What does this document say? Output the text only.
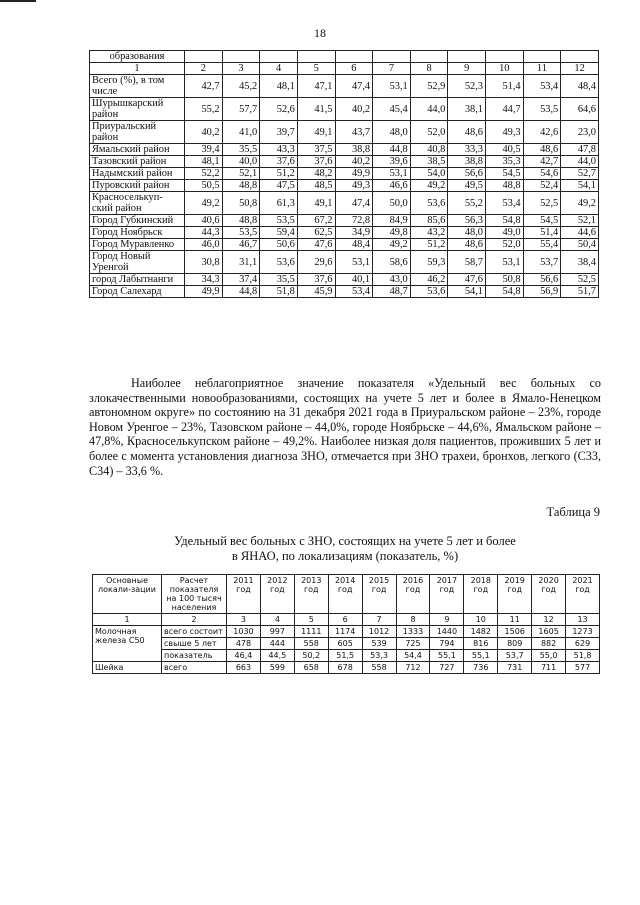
18
образования											
1	2	3	4	5	6	7	8	9	10	11	12
Всего (%), в том числе	42,7	45,2	48,1	47,1	47,4	53,1	52,9	52,3	51,4	53,4	48,4
Шурышкарский район	55,2	57,7	52,6	41,5	40,2	45,4	44,0	38,1	44,7	53,5	64,6
Приуральский район	40,2	41,0	39,7	49,1	43,7	48,0	52,0	48,6	49,3	42,6	23,0
Ямальский район	39,4	35,5	43,3	37,5	38,8	44,8	40,8	33,3	40,5	48,6	47,8
Тазовский район	48,1	40,0	37,6	37,6	40,2	39,6	38,5	38,8	35,3	42,7	44,0
Надымский район	52,2	52,1	51,2	48,2	49,9	53,1	54,0	56,6	54,5	54,6	52,7
Пуровский район	50,5	48,8	47,5	48,5	49,3	46,6	49,2	49,5	48,8	52,4	54,1
Красноселькуп-ский район	49,2	50,8	61,3	49,1	47,4	50,0	53,6	55,2	53,4	52,5	49,2
Город Губкинский	40,6	48,8	53,5	67,2	72,8	84,9	85,6	56,3	54,8	54,5	52,1
Город Ноябрьск	44,3	53,5	59,4	62,5	34,9	49,8	43,2	48,0	49,0	51,4	44,6
Город Муравленко	46,0	46,7	50,6	47,6	48,4	49,2	51,2	48,6	52,0	55,4	50,4
Город Новый Уренгой	30,8	31,1	53,6	29,6	53,1	58,6	59,3	58,7	53,1	53,7	38,4
город Лабытнанги	34,3	37,4	35,5	37,6	40,1	43,0	46,2	47,6	50,8	56,6	52,5
Город Салехард	49,9	44,8	51,8	45,9	53,4	48,7	53,6	54,1	54,8	56,9	51,7

Наиболее неблагоприятное значение показателя «Удельный вес больных со злокачественными новообразованиями, состоящих на учете 5 лет и более в Ямало-Ненецком автономном округе» по состоянию на 31 декабря 2021 года в Приуральском районе – 23%, городе Новом Уренгое – 23%, Тазовском районе – 44,0%, городе Ноябрьске – 44,6%, Ямальском районе – 47,8%, Красноселькупском районе – 49,2%. Наиболее низкая доля пациентов, проживших 5 лет и более с момента установления диагноза ЗНО, отмечается при ЗНО трахеи, бронхов, легкого (С33, С34) – 33,6 %.

Таблица 9
Удельный вес больных с ЗНО, состоящих на учете 5 лет и более
в ЯНАО, по локализациям (показатель, %)
Основные локали-зации	Расчет показателя на 100 тысяч населения	2011 год	2012 год	2013 год	2014 год	2015 год	2016 год	2017 год	2018 год	2019 год	2020 год	2021 год
1	2	3	4	5	6	7	8	9	10	11	12	13
Молочная железа С50	всего состоит	1030	997	1111	1174	1012	1333	1440	1482	1506	1605	1273
	свыше 5 лет	478	444	558	605	539	725	794	816	809	882	629
	показатель	46,4	44,5	50,2	51,5	53,3	54,4	55,1	55,1	53,7	55,0	51,8
Шейка	всего	663	599	658	678	558	712	727	736	731	711	577
